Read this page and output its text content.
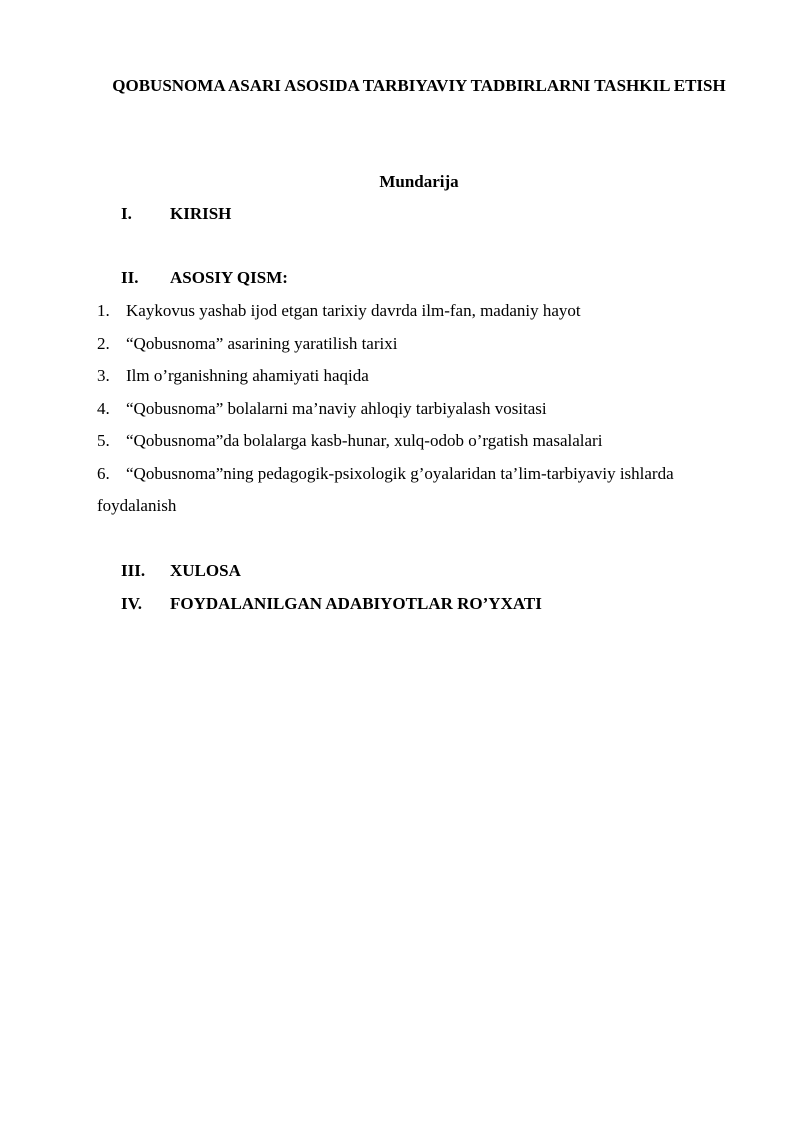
QOBUSNOMA ASARI ASOSIDA TARBIYAVIY TADBIRLARNI TASHKIL ETISH
Mundarija
I. KIRISH
II. ASOSIY QISM:
1. Kaykovus yashab ijod etgan tarixiy davrda ilm-fan, madaniy hayot
2. “Qobusnoma” asarining yaratilish tarixi
3. Ilm o’rganishning ahamiyati haqida
4. “Qobusnoma” bolalarni ma’naviy ahloqiy tarbiyalash vositasi
5. “Qobusnoma”da bolalarga kasb-hunar, xulq-odob o’rgatish masalalari
6. “Qobusnoma”ning pedagogik-psixologik g’oyalaridan ta’lim-tarbiyaviy ishlarda foydalanish
III. XULOSA
IV. FOYDALANILGAN ADABIYOTLAR RO’YXATI
